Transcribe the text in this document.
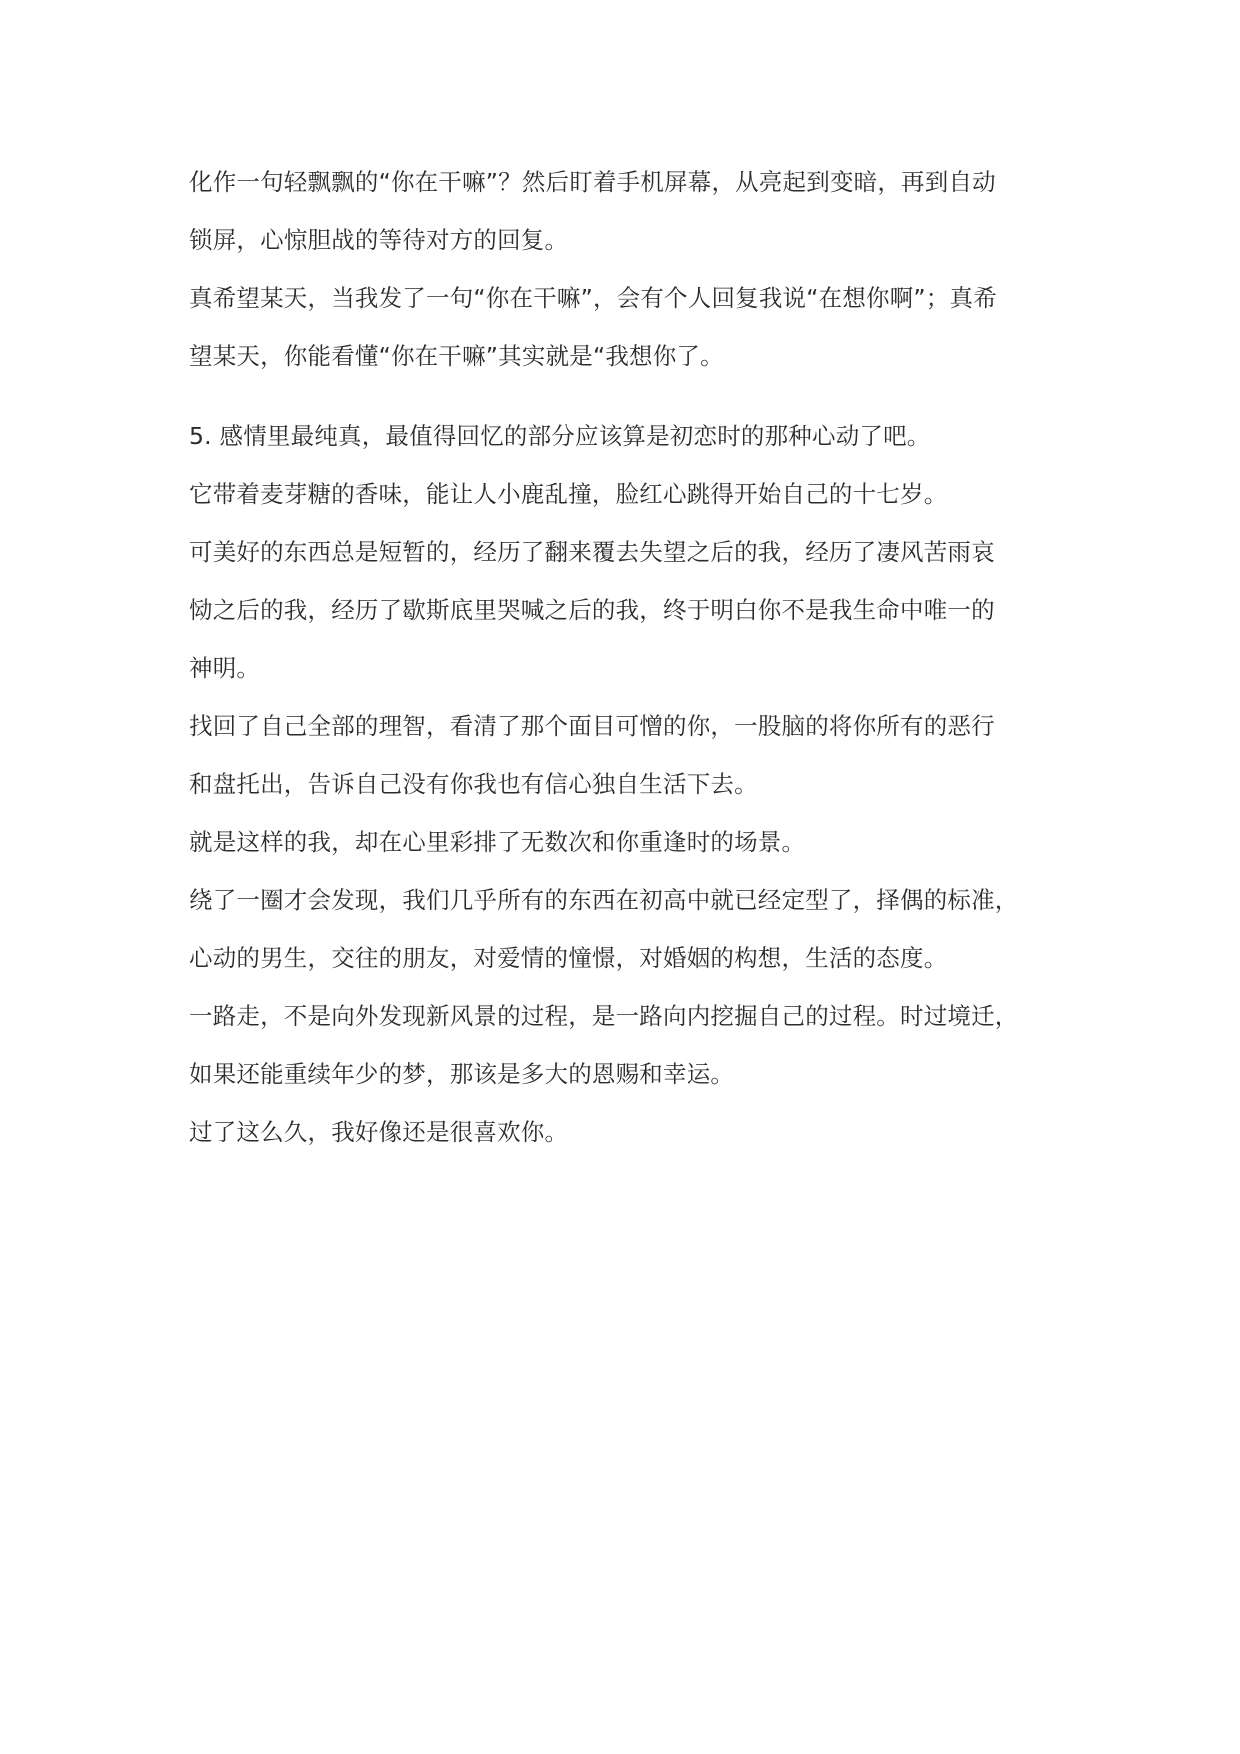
化作一句轻飘飘的“你在干嘛”？然后盯着手机屏幕，从亮起到变暗，再到自动
锁屏，心惊胆战的等待对方的回复。
真希望某天，当我发了一句“你在干嘛”，会有个人回复我说“在想你啊”；真希
望某天，你能看懂“你在干嘛”其实就是“我想你了。
5. 感情里最纯真，最值得回忆的部分应该算是初恋时的那种心动了吧。
它带着麦芽糖的香味，能让人小鹿乱撞，脸红心跳得开始自己的十七岁。
可美好的东西总是短暂的，经历了翻来覆去失望之后的我，经历了凄风苦雨哀
恸之后的我，经历了歇斯底里哭喊之后的我，终于明白你不是我生命中唯一的
神明。
找回了自己全部的理智，看清了那个面目可憎的你，一股脑的将你所有的恶行
和盘托出，告诉自己没有你我也有信心独自生活下去。
就是这样的我，却在心里彩排了无数次和你重逢时的场景。
绕了一圈才会发现，我们几乎所有的东西在初高中就已经定型了，择偶的标准，
心动的男生，交往的朋友，对爱情的憧憬，对婚姻的构想，生活的态度。
一路走，不是向外发现新风景的过程，是一路向内挖掘自己的过程。时过境迁，
如果还能重续年少的梦，那该是多大的恩赐和幸运。
过了这么久，我好像还是很喜欢你。
